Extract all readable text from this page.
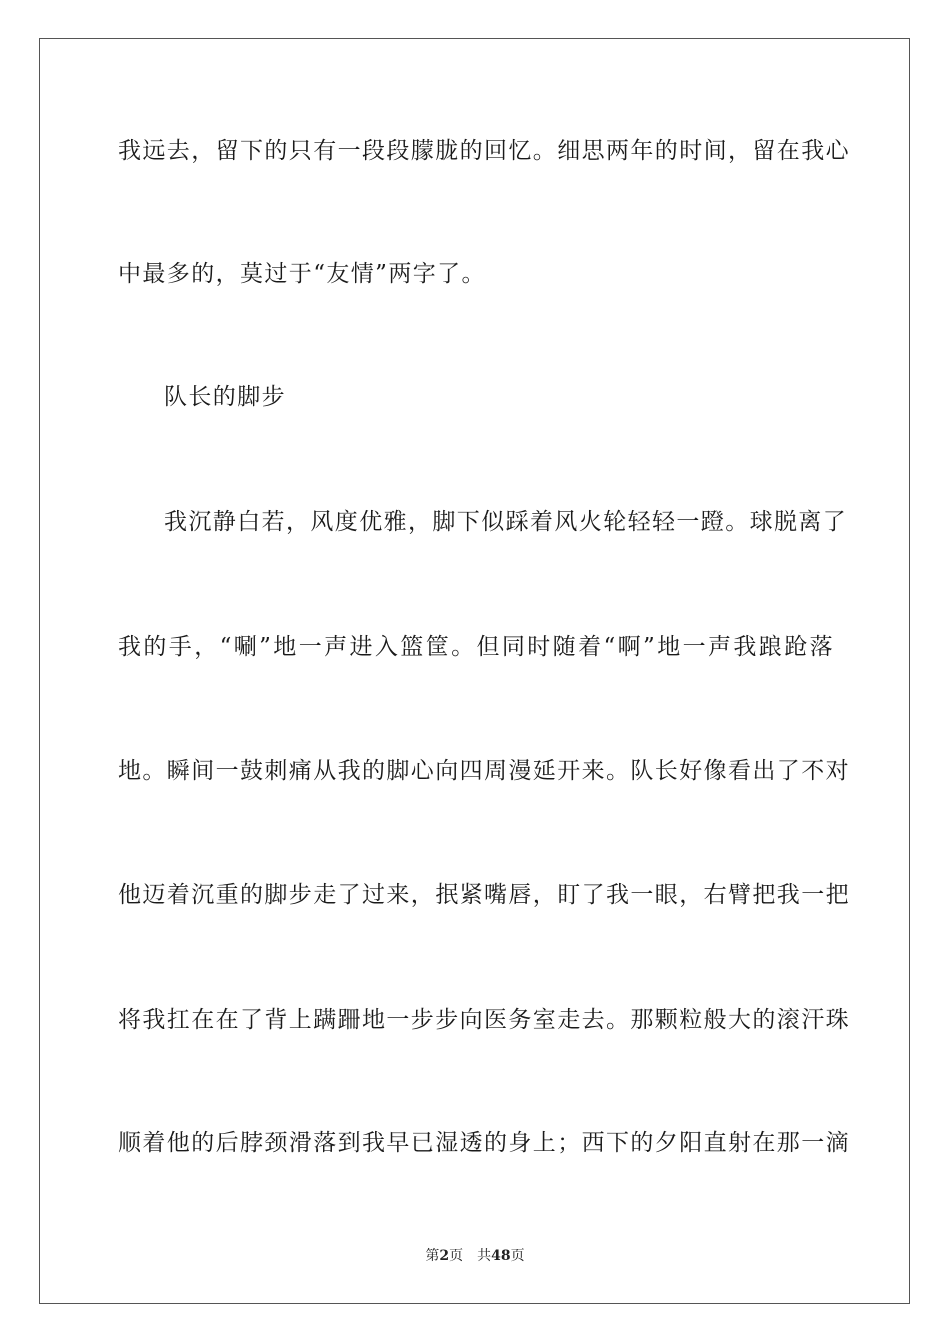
我远去，留下的只有一段段朦胧的回忆。细思两年的时间，留在我心
中最多的，莫过于“友情”两字了。
队长的脚步
我沉静白若，风度优雅，脚下似踩着风火轮轻轻一蹬。球脱离了
我的手，“唰”地一声进入篮筐。但同时随着“啊”地一声我踉跄落
地。瞬间一鼓刺痛从我的脚心向四周漫延开来。队长好像看出了不对
他迈着沉重的脚步走了过来，抿紧嘴唇，盯了我一眼，右臂把我一把
将我扛在在了背上蹒跚地一步步向医务室走去。那颗粒般大的滚汗珠
顺着他的后脖颈滑落到我早已湿透的身上；西下的夕阳直射在那一滴
第2页 共48页
